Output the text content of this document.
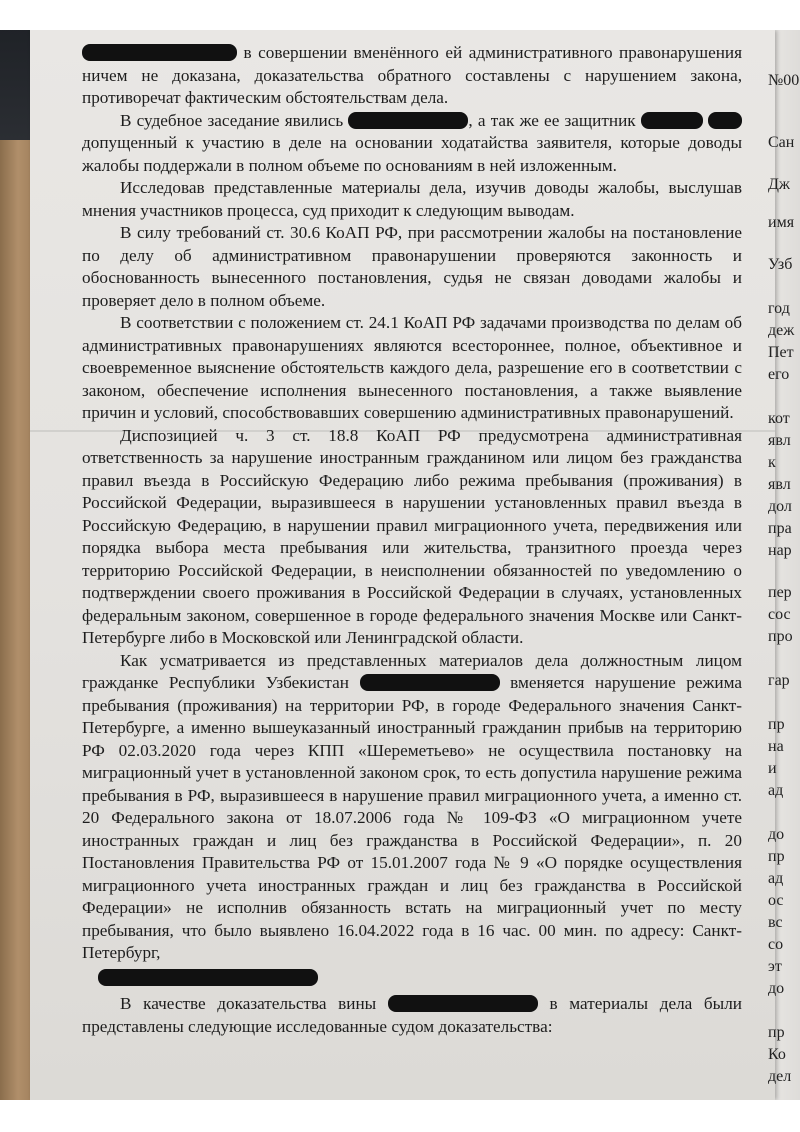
в совершении вменённого ей административного правонарушения ничем не доказана, доказательства обратного составлены с нарушением закона, противоречат фактическим обстоятельствам дела.

В судебное заседание явились	, а так же ее защитник   допущенный к участию в деле на основании ходатайства заявителя, которые доводы жалобы поддержали в полном объеме по основаниям в ней изложенным.

Исследовав представленные материалы дела, изучив доводы жалобы, выслушав мнения участников процесса, суд приходит к следующим выводам.

В силу требований ст. 30.6 КоАП РФ, при рассмотрении жалобы на постановление по делу об административном правонарушении проверяются законность и обоснованность вынесенного постановления, судья не связан доводами жалобы и проверяет дело в полном объеме.

В соответствии с положением ст. 24.1 КоАП РФ задачами производства по делам об административных правонарушениях являются всестороннее, полное, объективное и своевременное выяснение обстоятельств каждого дела, разрешение его в соответствии с законом, обеспечение исполнения вынесенного постановления, а также выявление причин и условий, способствовавших совершению административных правонарушений.

Диспозицией ч. 3 ст. 18.8 КоАП РФ предусмотрена административная ответственность за нарушение иностранным гражданином или лицом без гражданства правил въезда в Российскую Федерацию либо режима пребывания (проживания) в Российской Федерации, выразившееся в нарушении установленных правил въезда в Российскую Федерацию, в нарушении правил миграционного учета, передвижения или порядка выбора места пребывания или жительства, транзитного проезда через территорию Российской Федерации, в неисполнении обязанностей по уведомлению о подтверждении своего проживания в Российской Федерации в случаях, установленных федеральным законом, совершенное в городе федерального значения Москве или Санкт-Петербурге либо в Московской или Ленинградской области.

Как усматривается из представленных материалов дела должностным лицом гражданке Республики Узбекистан	вменяется нарушение режима пребывания (проживания) на территории РФ, в городе Федерального значения Санкт-Петербурге, а именно вышеуказанный иностранный гражданин прибыв на территорию РФ 02.03.2020 года через КПП «Шереметьево» не осуществила постановку на миграционный учет в установленной законом срок, то есть допустила нарушение режима пребывания в РФ, выразившееся в нарушение правил миграционного учета, а именно ст. 20 Федерального закона от 18.07.2006 года № 109-ФЗ «О миграционном учете иностранных граждан и лиц без гражданства в Российской Федерации», п. 20 Постановления Правительства РФ от 15.01.2007 года № 9 «О порядке осуществления миграционного учета иностранных граждан и лиц без гражданства в Российской Федерации» не исполнив обязанность встать на миграционный учет по месту пребывания, что было выявлено 16.04.2022 года в 16 час. 00 мин. по адресу: Санкт-Петербург,

В качестве доказательства вины	в материалы дела были представлены следующие исследованные судом доказательства:

№00
Сан
Дж
имя
Узб
год
деж
Пет
его
кот
явл
к
явл
дол
пра
нар
пер
сос
про
гар
пр
на
и
ад
до
пр
ад
ос
вс
со
эт
до
пр
Ко
дел
